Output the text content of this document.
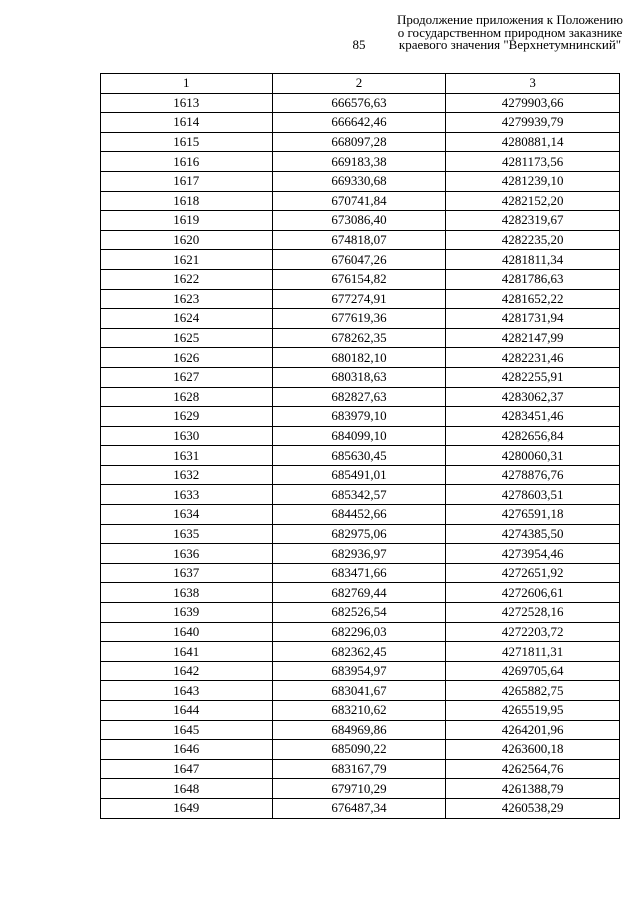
85
Продолжение приложения к Положению
о государственном природном заказнике
краевого значения "Верхнетумнинский"
1	2	3
1613	666576,63	4279903,66
1614	666642,46	4279939,79
1615	668097,28	4280881,14
1616	669183,38	4281173,56
1617	669330,68	4281239,10
1618	670741,84	4282152,20
1619	673086,40	4282319,67
1620	674818,07	4282235,20
1621	676047,26	4281811,34
1622	676154,82	4281786,63
1623	677274,91	4281652,22
1624	677619,36	4281731,94
1625	678262,35	4282147,99
1626	680182,10	4282231,46
1627	680318,63	4282255,91
1628	682827,63	4283062,37
1629	683979,10	4283451,46
1630	684099,10	4282656,84
1631	685630,45	4280060,31
1632	685491,01	4278876,76
1633	685342,57	4278603,51
1634	684452,66	4276591,18
1635	682975,06	4274385,50
1636	682936,97	4273954,46
1637	683471,66	4272651,92
1638	682769,44	4272606,61
1639	682526,54	4272528,16
1640	682296,03	4272203,72
1641	682362,45	4271811,31
1642	683954,97	4269705,64
1643	683041,67	4265882,75
1644	683210,62	4265519,95
1645	684969,86	4264201,96
1646	685090,22	4263600,18
1647	683167,79	4262564,76
1648	679710,29	4261388,79
1649	676487,34	4260538,29
